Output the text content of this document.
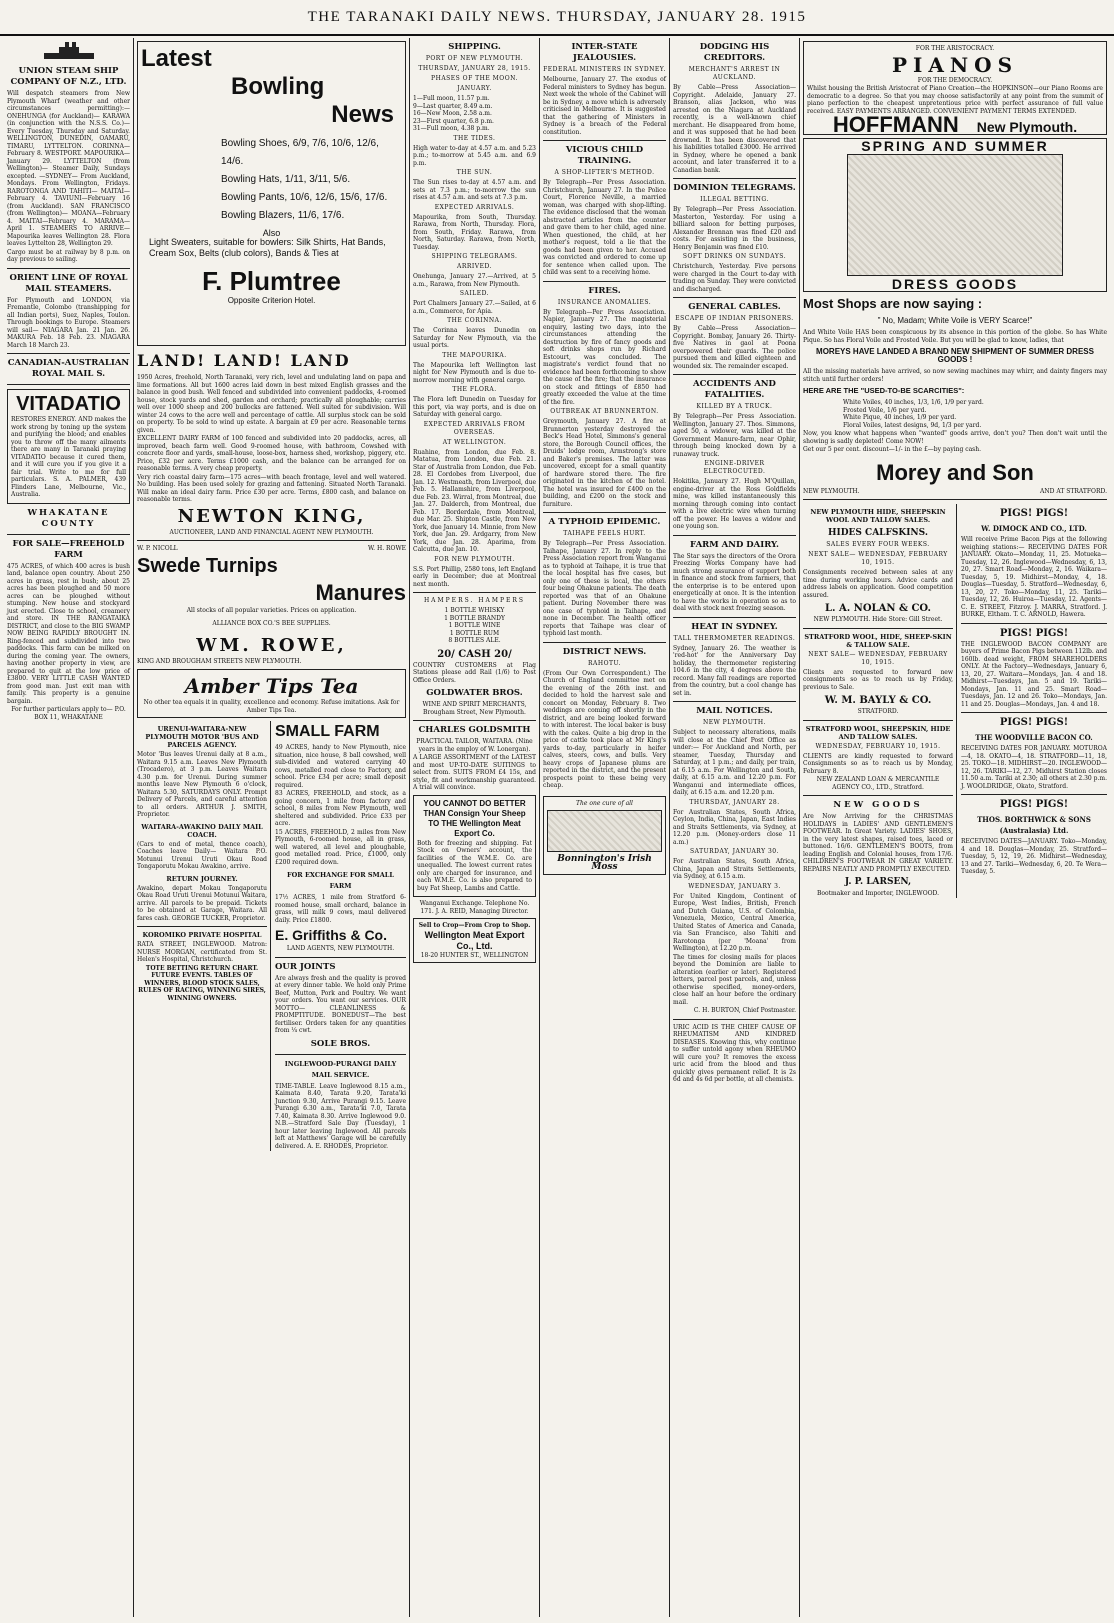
THE TARANAKI DAILY NEWS. THURSDAY, JANUARY 28. 1915
UNION STEAM SHIP COMPANY OF N.Z., LTD.
Will despatch steamers from New Plymouth Wharf (weather and other circumstances permitting):— ONEHUNGA (for Auckland)— KARAWA (in conjunction with the N.S.S. Co.)—Every Tuesday, Thursday and Saturday. WELLINGTON, DUNEDIN, OAMARU, TIMARU, LYTTELTON. CORINNA—February 8. WESTPORT. MAPOURIKA—January 29. LYTTELTON (from Wellington)— Steamer Daily, Sundays excepted. —SYDNEY— From Auckland, Mondays. From Wellington, Fridays. RAROTONGA AND TAHITI— MAITAI—February 4. TAVIUNI—February 16 (from Auckland). SAN FRANCISCO (from Wellington)— MOANA—February 4. MAITAI—February 4. MARAMA—April 1. STEAMERS TO ARRIVE— Mapourika leaves Wellington 28. Flora leaves Lyttelton 28, Wellington 29.
Cargo must be at railway by 8 p.m. on day previous to sailing.
ORIENT LINE OF ROYAL MAIL STEAMERS.
For Plymouth and LONDON, via Fremantle, Colombo (transhipping for all Indian ports), Suez, Naples, Toulon. Through bookings to Europe. Steamers will sail— NIAGARA Jan. 21 Jan. 26. MAKURA Feb. 18 Feb. 23. NIAGARA March 18 March 23.
CANADIAN-AUSTRALIAN ROYAL MAIL S.
VITADATIO
RESTORES ENERGY. AND makes the work strong by toning up the system and purifying the blood; and enables you to throw off the many ailments there are many in Taranaki praying VITADATIO because it cured them, and it will cure you if you give it a fair trial. Write to me for full particulars. S. A. PALMER, 439 Flinders Lane, Melbourne, Vic., Australia.
WHAKATANE COUNTY
FOR SALE—FREEHOLD FARM
475 ACRES, of which 400 acres is bush land, balance open country. About 250 acres in grass, rest in bush; about 25 acres has been ploughed and 50 more acres can be ploughed without stumping. New house and stockyard just erected. Close to school, creamery and store. IN THE RANGATAIKA DISTRICT, and close to the BIG SWAMP NOW BEING RAPIDLY BROUGHT IN. Ring-fenced and subdivided into two paddocks. This farm can be milked on during the coming year. The owners, having another property in view, are prepared to quit at the low price of £3800. VERY LITTLE CASH WANTED from good man. Just exit man with family. This property is a genuine bargain.
For further particulars apply to— P.O. BOX 11, WHAKATANE
Latest
Bowling
News
Bowling Shoes, 6/9, 7/6, 10/6, 12/6, 14/6.
Bowling Hats, 1/11, 3/11, 5/6.
Bowling Pants, 10/6, 12/6, 15/6, 17/6.
Bowling Blazers, 11/6, 17/6.
Also
Light Sweaters, suitable for bowlers: Silk Shirts, Hat Bands, Cream Sox, Belts (club colors), Bands & Ties at
F. Plumtree
Opposite Criterion Hotel.
LAND! LAND! LAND
1950 Acres, freehold, North Taranaki, very rich, level and undulating land on papa and lime formations. All but 1600 acres laid down in best mixed English grasses and the balance in good bush. Well fenced and subdivided into convenient paddocks, 4-roomed house, stock yards and shed, garden and orchard; practically all ploughable; carries well over 1000 sheep and 200 bullocks are fattened. Well suited for subdivision. Will winter 24 cows to the acre well and percentage of cattle. All surplus stock can be sold on property. To be sold to wind up estate. A bargain at £9 per acre. Reasonable terms given.
EXCELLENT DAIRY FARM of 100 fenced and subdivided into 20 paddocks, acres, all improved, beach farm well. Good 9-roomed house, with bathroom, Cowshed with concrete floor and yards, small-house, loose-box, harness shed, workshop, piggery, etc. Price, £32 per acre. Terms £1000 cash, and the balance can be arranged for on reasonable terms. A very cheap property.
Very rich coastal dairy farm—175 acres—with beach frontage, level and well watered. No building. Has been used solely for grazing and fattening. Situated North Taranaki. Will make an ideal dairy farm. Price £30 per acre. Terms, £800 cash, and balance on reasonable terms.
NEWTON KING,
AUCTIONEER, LAND AND FINANCIAL AGENT NEW PLYMOUTH.
W. P. NICOLL	W. H. ROWE
Swede Turnips
Manures
All stocks of all popular varieties. Prices on application.
ALLIANCE BOX CO.'S BEE SUPPLIES.
WM. ROWE,
KING AND BROUGHAM STREETS NEW PLYMOUTH.
Amber Tips Tea
No other tea equals it in quality, excellence and economy. Refuse imitations. Ask for Amber Tips Tea.
URENUI-WAITARA-NEW PLYMOUTH MOTOR 'BUS AND PARCELS AGENCY.
Motor 'Bus leaves Urenui daily at 8 a.m., Waitara 9.15 a.m. Leaves New Plymouth (Trocadero), at 3 p.m. Leaves Waitara 4.30 p.m. for Urenui. During summer months leave New Plymouth 6 o'clock, Waitara 5.30, SATURDAYS ONLY. Prompt Delivery of Parcels, and careful attention to all orders. ARTHUR J. SMITH, Proprietor.
WAITARA-AWAKINO DAILY MAIL COACH.
(Cars to end of metal, thence coach), Coaches leave Daily— Waitara P.O. Motunui Urenui Uruti Okau Road Tongaporutu Mokau Awakino, arrive.
RETURN JOURNEY.
Awakino, depart Mokau Tongaporutu Okau Road Uruti Urenui Motunui Waitara, arrive. All parcels to be prepaid. Tickets to be obtained at Garage, Waitara. All fares cash. GEORGE TUCKER, Proprietor.
KOROMIKO PRIVATE HOSPITAL
RATA STREET, INGLEWOOD. Matron: NURSE MORGAN, certificated from St. Helen's Hospital, Christchurch.
TOTE BETTING RETURN CHART. FUTURE EVENTS. TABLES OF WINNERS, BLOOD STOCK SALES, RULES OF RACING, WINNING SIRES, WINNING OWNERS.
SMALL FARM
49 ACRES, handy to New Plymouth, nice situation, nice house, 8 ball cowshed, well sub-divided and watered carrying 40 cows, metalled road close to Factory, and school. Price £34 per acre; small deposit required.
83 ACRES, FREEHOLD, and stock, as a going concern, 1 mile from factory and school, 8 miles from New Plymouth, well sheltered and subdivided. Price £33 per acre.
15 ACRES, FREEHOLD, 2 miles from New Plymouth, 6-roomed house, all in grass, well watered, all level and ploughable, good metalled road. Price, £1000, only £200 required down.
FOR EXCHANGE FOR SMALL FARM
17½ ACRES, 1 mile from Stratford 6-roomed house, small orchard, balance in grass, will milk 9 cows, maul delivered daily. Price £1800.
E. Griffiths & Co.
LAND AGENTS, NEW PLYMOUTH.
OUR JOINTS
Are always fresh and the quality is proved at every dinner table. We hold only Prime Beef, Mutton, Pork and Poultry. We want your orders. You want our services. OUR MOTTO— CLEANLINESS & PROMPTITUDE. BONEDUST—The best fertiliser. Orders taken for any quantities from ¼ cwt.
SOLE BROS.
INGLEWOOD-PURANGI DAILY MAIL SERVICE.
TIME-TABLE. Leave Inglewood 8.15 a.m., Kaimata 8.40, Tarata 9.20, Tarata'ki Junction 9.30, Arrive Purangi 9.15. Leave Purangi 6.30 a.m., Tarata'ki 7.0, Tarata 7.40, Kaimata 8.30. Arrive Inglewood 9.0. N.B.—Stratford Sale Day (Tuesday), 1 hour later leaving Inglewood. All parcels left at Matthews' Garage will be carefully delivered. A. E. RHODES, Proprietor.
SHIPPING.
PORT OF NEW PLYMOUTH.
THURSDAY, JANUARY 28, 1915.
PHASES OF THE MOON.
JANUARY.
1—Full moon, 11.57 p.m.
9—Last quarter, 8.49 a.m.
16—New Moon, 2.58 a.m.
23—First quarter, 6.8 p.m.
31—Full moon, 4.38 p.m.
THE TIDES.
High water to-day at 4.57 a.m. and 5.23 p.m.; to-morrow at 5.45 a.m. and 6.9 p.m.
THE SUN.
The Sun rises to-day at 4.57 a.m. and sets at 7.3 p.m.; to-morrow the sun rises at 4.57 a.m. and sets at 7.3 p.m.
EXPECTED ARRIVALS.
Mapourika, from South, Thursday. Rarawa, from North, Thursday. Flora, from South, Friday. Rarawa, from North, Saturday. Rarawa, from North, Tuesday.
SHIPPING TELEGRAMS.
ARRIVED.
Onehunga, January 27.—Arrived, at 5 a.m., Rarawa, from New Plymouth.
SAILED.
Port Chalmers January 27.—Sailed, at 6 a.m., Commerce, for Apia.
THE CORINNA.
The Corinna leaves Dunedin on Saturday for New Plymouth, via the usual ports.
THE MAPOURIKA.
The Mapourika left Wellington last night for New Plymouth and is due to-morrow morning with general cargo.
THE FLORA.
The Flora left Dunedin on Tuesday for this port, via way ports, and is due on Saturday with general cargo.
EXPECTED ARRIVALS FROM OVERSEAS.
AT WELLINGTON.
Ruahine, from London, due Feb. 8. Matatua, from London, due Feb. 21. Star of Australia from London, due Feb. 28. El Cordobes from Liverpool, due Jan. 12. Westmeath, from Liverpool, due Feb. 5. Hallamshire, from Liverpool, due Feb. 23. Wirral, from Montreal, due Jan. 27. Dalderch, from Montreal, due Feb. 17. Borderdale, from Montreal, due Mar. 25. Shipton Castle, from New York, due January 14. Minnie, from New York, due Jan. 29. Ardgarry, from New York, due Jan. 28. Aparima, from Calcutta, due Jan. 10.
FOR NEW PLYMOUTH.
S.S. Port Phillip, 2580 tons, left England early in December; due at Montreal next month.
HAMPERS. HAMPERS
1 BOTTLE WHISKY
1 BOTTLE BRANDY
1 BOTTLE WINE
1 BOTTLE RUM
8 BOTTLES ALE.
20/ CASH 20/
COUNTRY CUSTOMERS at Flag Stations please add Rail (1/6) to Post Office Orders.
GOLDWATER BROS.
WINE AND SPIRIT MERCHANTS, Brougham Street, New Plymouth.
CHARLES GOLDSMITH
PRACTICAL TAILOR, WAITARA. (Nine years in the employ of W. Lonergan).
A LARGE ASSORTMENT of the LATEST and most UP-TO-DATE SUITINGS to select from. SUITS FROM £4 15s, and style, fit and workmanship guaranteed. A trial will convince.
YOU CANNOT DO BETTER THAN Consign Your Sheep TO THE Wellington Meat Export Co.
Both for freezing and shipping. Fat Stock on Owners' account, the facilities of the W.M.E. Co. are unequalled. The lowest current rates only are charged for insurance, and each W.M.E. Co. is also prepared to buy Fat Sheep, Lambs and Cattle.
Wanganui Exchange. Telephone No. 171. J. A. REID, Managing Director.
Sell to Crop—From Crop to Shop.
Wellington Meat Export Co., Ltd.
18-20 HUNTER ST., WELLINGTON
INTER-STATE JEALOUSIES.
FEDERAL MINISTERS IN SYDNEY.
Melbourne, January 27. The exodus of Federal ministers to Sydney has begun. Next week the whole of the Cabinet will be in Sydney, a move which is adversely criticised in Melbourne. It is suggested that the gathering of Ministers in Sydney is a breach of the Federal constitution.
VICIOUS CHILD TRAINING.
A SHOP-LIFTER'S METHOD.
By Telegraph—Per Press Association. Christchurch, January 27. In the Police Court, Florence Neville, a married woman, was charged with shop-lifting. The evidence disclosed that the woman abstracted articles from the counter and gave them to her child, aged nine. When questioned, the child, at her mother's request, told a lie that the goods had been given to her. Accused was convicted and ordered to come up for sentence when called upon. The child was sent to a receiving home.
FIRES.
INSURANCE ANOMALIES.
By Telegraph—Per Press Association. Napier, January 27. The magisterial enquiry, lasting two days, into the circumstances attending the destruction by fire of fancy goods and soft drinks shops run by Richard Estcourt, was concluded. The magistrate's verdict found that no evidence had been forthcoming to show the cause of the fire; that the insurance on stock and fittings of £850 had greatly exceeded the value at the time of the fire.
OUTBREAK AT BRUNNERTON.
Greymouth, January 27. A fire at Brunnerton yesterday destroyed the Beck's Head Hotel, Simmons's general store, the Borough Council offices, the Druids' lodge room, Armstrong's store and Baker's premises. The latter was uncovered, except for a small quantity of hardware stored there. The fire originated in the kitchen of the hotel. The hotel was insured for £400 on the building, and £200 on the stock and furniture.
A TYPHOID EPIDEMIC.
TAIHAPE FEELS HURT.
By Telegraph—Per Press Association. Taihape, January 27. In reply to the Press Association report from Wanganui as to typhoid at Taihape, it is true that the local hospital has five cases, but only one of these is local, the others four being Ohakune patients. The death reported was that of an Ohakune patient. During November there was one case of typhoid in Taihape, and none in December. The health officer reports that Taihape was clear of typhoid last month.
DISTRICT NEWS.
RAHOTU.
(From Our Own Correspondent.) The Church of England committee met on the evening of the 26th inst. and decided to hold the harvest sale and concert on Monday, February 8. Two weddings are coming off shortly in the district, and are being looked forward to with interest. The local baker is busy with the cakes. Quite a big drop in the price of cattle took place at Mr King's yards to-day, particularly in heifer calves, steers, cows, and bulls. Very heavy crops of Japanese plums are reported in the district, and the present prospects point to these being very cheap.
The one cure of all
Bonnington's Irish Moss
DODGING HIS CREDITORS.
MERCHANT'S ARREST IN AUCKLAND.
By Cable—Press Association—Copyright. Adelaide, January 27. Branson, alias Jackson, who was arrested on the Niagara at Auckland recently, is a well-known chief merchant. He disappeared from home, and it was supposed that he had been drowned. It has been discovered that his liabilities totalled £3000. He arrived in Sydney, where he opened a bank account, and later transferred it to a Canadian bank.
DOMINION TELEGRAMS.
ILLEGAL BETTING.
By Telegraph—Per Press Association. Masterton, Yesterday. For using a billiard saloon for betting purposes, Alexander Brennan was fined £20 and costs. For assisting in the business, Henry Benjamin was fined £10.
SOFT DRINKS ON SUNDAYS.
Christchurch, Yesterday. Five persons were charged in the Court to-day with trading on Sunday. They were convicted and discharged.
GENERAL CABLES.
ESCAPE OF INDIAN PRISONERS.
By Cable—Press Association—Copyright. Bombay, January 26. Thirty-five Natives in gaol at Poona overpowered their guards. The police pursued them and killed eighteen and wounded six. The remainder escaped.
ACCIDENTS AND FATALITIES.
KILLED BY A TRUCK.
By Telegraph—Per Press Association. Wellington, January 27. Thos. Simmons, aged 50, a widower, was killed at the Government Manure-farm, near Ophir, through being knocked down by a runaway truck.
ENGINE-DRIVER ELECTROCUTED.
Hokitika, January 27. Hugh M'Quillan, engine-driver at the Ross Goldfields mine, was killed instantaneously this morning through coming into contact with a live electric wire when turning off the power. He leaves a widow and one young son.
FARM AND DAIRY.
The Star says the directors of the Orora Freezing Works Company have had much strong assurance of support both in finance and stock from farmers, that the enterprise is to be entered upon energetically at once. It is the intention to have the works in operation so as to deal with stock next freezing season.
HEAT IN SYDNEY.
TALL THERMOMETER READINGS.
Sydney, January 26. The weather is 'red-hot' for the Anniversary Day holiday, the thermometer registering 104.6 in the city, 4 degrees above the record. Many fall readings are reported from the country, but a cool change has set in.
MAIL NOTICES.
NEW PLYMOUTH.
Subject to necessary alterations, mails will close at the Chief Post Office as under:— For Auckland and North, per steamer, Tuesday, Thursday and Saturday, at 1 p.m.; and daily, per train, at 6.15 a.m. For Wellington and South, daily, at 6.15 a.m. and 12.20 p.m. For Wanganui and intermediate offices, daily, at 6.15 a.m. and 12.20 p.m.
THURSDAY, JANUARY 28.
For Australian States, South Africa, Ceylon, India, China, Japan, East Indies and Straits Settlements, via Sydney, at 12.20 p.m. (Money-orders close 11 a.m.)
SATURDAY, JANUARY 30.
For Australian States, South Africa, China, Japan and Straits Settlements, via Sydney, at 6.15 a.m.
WEDNESDAY, JANUARY 3.
For United Kingdom, Continent of Europe, West Indies, British, French and Dutch Guiana, U.S. of Colombia, Venezuela, Mexico, Central America, United States of America and Canada, via San Francisco, also Tahiti and Rarotonga (per 'Moana' from Wellington), at 12.20 p.m.
The times for closing mails for places beyond the Dominion are liable to alteration (earlier or later). Registered letters, parcel post parcels, and, unless otherwise specified, money-orders, close half an hour before the ordinary mail.
C. H. BURTON, Chief Postmaster.
URIC ACID IS THE CHIEF CAUSE OF RHEUMATISM AND KINDRED DISEASES. Knowing this, why continue to suffer untold agony when RHEUMO will cure you? It removes the excess uric acid from the blood and thus quickly gives permanent relief. It is 2s 6d and 4s 6d per bottle, at all chemists.
FOR THE ARISTOCRACY.
PIANOS
FOR THE DEMOCRACY.
Whilst housing the British Aristocrat of Piano Creation—the HOPKINSON—our Piano Rooms are democratic to a degree. So that you may choose satisfactorily at any point from the summit of piano perfection to the cheapest unpretentious price with perfect assurance of full value received. EASY PAYMENTS ARRANGED. CONVENIENT PAYMENT TERMS EXTENDED.
HOFFMANN New Plymouth.
SPRING AND SUMMER
DRESS GOODS
Most Shops are now saying :
" No, Madam; White Voile is VERY Scarce!"
And White Voile HAS been conspicuous by its absence in this portion of the globe. So has White Pique. So has Floral Voile and Frosted Voile. But you will be glad to know, ladies, that
MOREYS HAVE LANDED A BRAND NEW SHIPMENT OF SUMMER DRESS GOODS !
All the missing materials have arrived, so now sewing machines may whirr, and dainty fingers may stitch until further orders!
HERE ARE THE "USED-TO-BE SCARCITIES":
White Voiles, 40 inches, 1/3, 1/6, 1/9 per yard.
Frosted Voile, 1/6 per yard.
White Pique, 40 inches, 1/9 per yard.
Floral Voiles, latest designs, 9d, 1/3 per yard.
Now, you know what happens when "wanted" goods arrive, don't you? Then don't wait until the showing is sadly depleted! Come NOW!
Get our 5 per cent. discount—1/- in the £—by paying cash.
Morey and Son
NEW PLYMOUTH.	AND AT STRATFORD.
NEW PLYMOUTH HIDE, SHEEPSKIN WOOL AND TALLOW SALES.
HIDES CALFSKINS.
SALES EVERY FOUR WEEKS.
NEXT SALE— WEDNESDAY, FEBRUARY 10, 1915.
Consignments received between sales at any time during working hours. Advice cards and address labels on application. Good competition assured.
L. A. NOLAN & CO.
NEW PLYMOUTH. Hide Store: Gill Street.
STRATFORD WOOL, HIDE, SHEEP-SKIN & TALLOW SALE.
NEXT SALE— WEDNESDAY, FEBRUARY 10, 1915.
Clients are requested to forward new consignments so as to reach us by Friday, previous to Sale.
W. M. BAYLY & CO.
STRATFORD.
STRATFORD WOOL, SHEEPSKIN, HIDE AND TALLOW SALES.
WEDNESDAY, FEBRUARY 10, 1915.
CLIENTS are kindly requested to forward Consignments so as to reach us by Monday, February 8.
NEW ZEALAND LOAN & MERCANTILE AGENCY CO., LTD., Stratford.
NEW GOODS
Are Now Arriving for the CHRISTMAS HOLIDAYS in LADIES' AND GENTLEMEN'S FOOTWEAR. In Great Variety. LADIES' SHOES, in the very latest shapes, raised toes, laced or buttoned. 16/6. GENTLEMEN'S BOOTS, from leading English and Colonial houses, from 17/6. CHILDREN'S FOOTWEAR IN GREAT VARIETY. REPAIRS NEATLY AND PROMPTLY EXECUTED.
J. P. LARSEN,
Bootmaker and Importer, INGLEWOOD.
PIGS! PIGS!
W. DIMOCK AND CO., LTD.
Will receive Prime Bacon Pigs at the following weighing stations:— RECEIVING DATES FOR JANUARY. Okato—Monday, 11, 25. Motueka—Tuesday, 12, 26. Inglewood—Wednesday, 6, 13, 20, 27. Smart Road—Monday, 2, 16. Waikara—Tuesday, 5, 19. Midhirst—Monday, 4, 18. Douglas—Tuesday, 5. Stratford—Wednesday, 6, 13, 20, 27. Toko—Monday, 11, 25. Tariki—Tuesday, 12, 26. Huiroa—Tuesday, 12. Agents— C. E. STREET, Fitzroy. J. MARRA, Stratford. J. BURKE, Eltham. T. C. ARNOLD, Hawera.
PIGS! PIGS!
THE INGLEWOOD BACON COMPANY are buyers of Prime Bacon Pigs between 112lb. and 160lb. dead weight, FROM SHAREHOLDERS ONLY. At the Factory—Wednesdays, January 6, 13, 20, 27. Waitara—Mondays, Jan. 4 and 18. Midhirst—Tuesdays, Jan. 5 and 19. Tariki—Mondays, Jan. 11 and 25. Smart Road—Tuesdays, Jan. 12 and 26. Toko—Mondays, Jan. 11 and 25. Douglas—Mondays, Jan. 4 and 18.
PIGS! PIGS!
THE WOODVILLE BACON CO.
RECEIVING DATES FOR JANUARY. MOTUROA—4, 18. OKATO—4, 18. STRATFORD—11, 18, 25. TOKO—18. MIDHIRST—20. INGLEWOOD—12, 26. TARIKI—12, 27. Midhirst Station closes 11.50 a.m. Tariki at 2.30; all others at 2.30 p.m. J. WOOLDRIDGE, Okato, Stratford.
PIGS! PIGS!
THOS. BORTHWICK & SONS (Australasia) Ltd.
RECEIVING DATES—JANUARY. Toko—Monday, 4 and 18. Douglas—Monday, 25. Stratford—Tuesday, 5, 12, 19, 26. Midhirst—Wednesday, 13 and 27. Tariki—Wednesday, 6, 20. Te Wera—Tuesday, 5.
